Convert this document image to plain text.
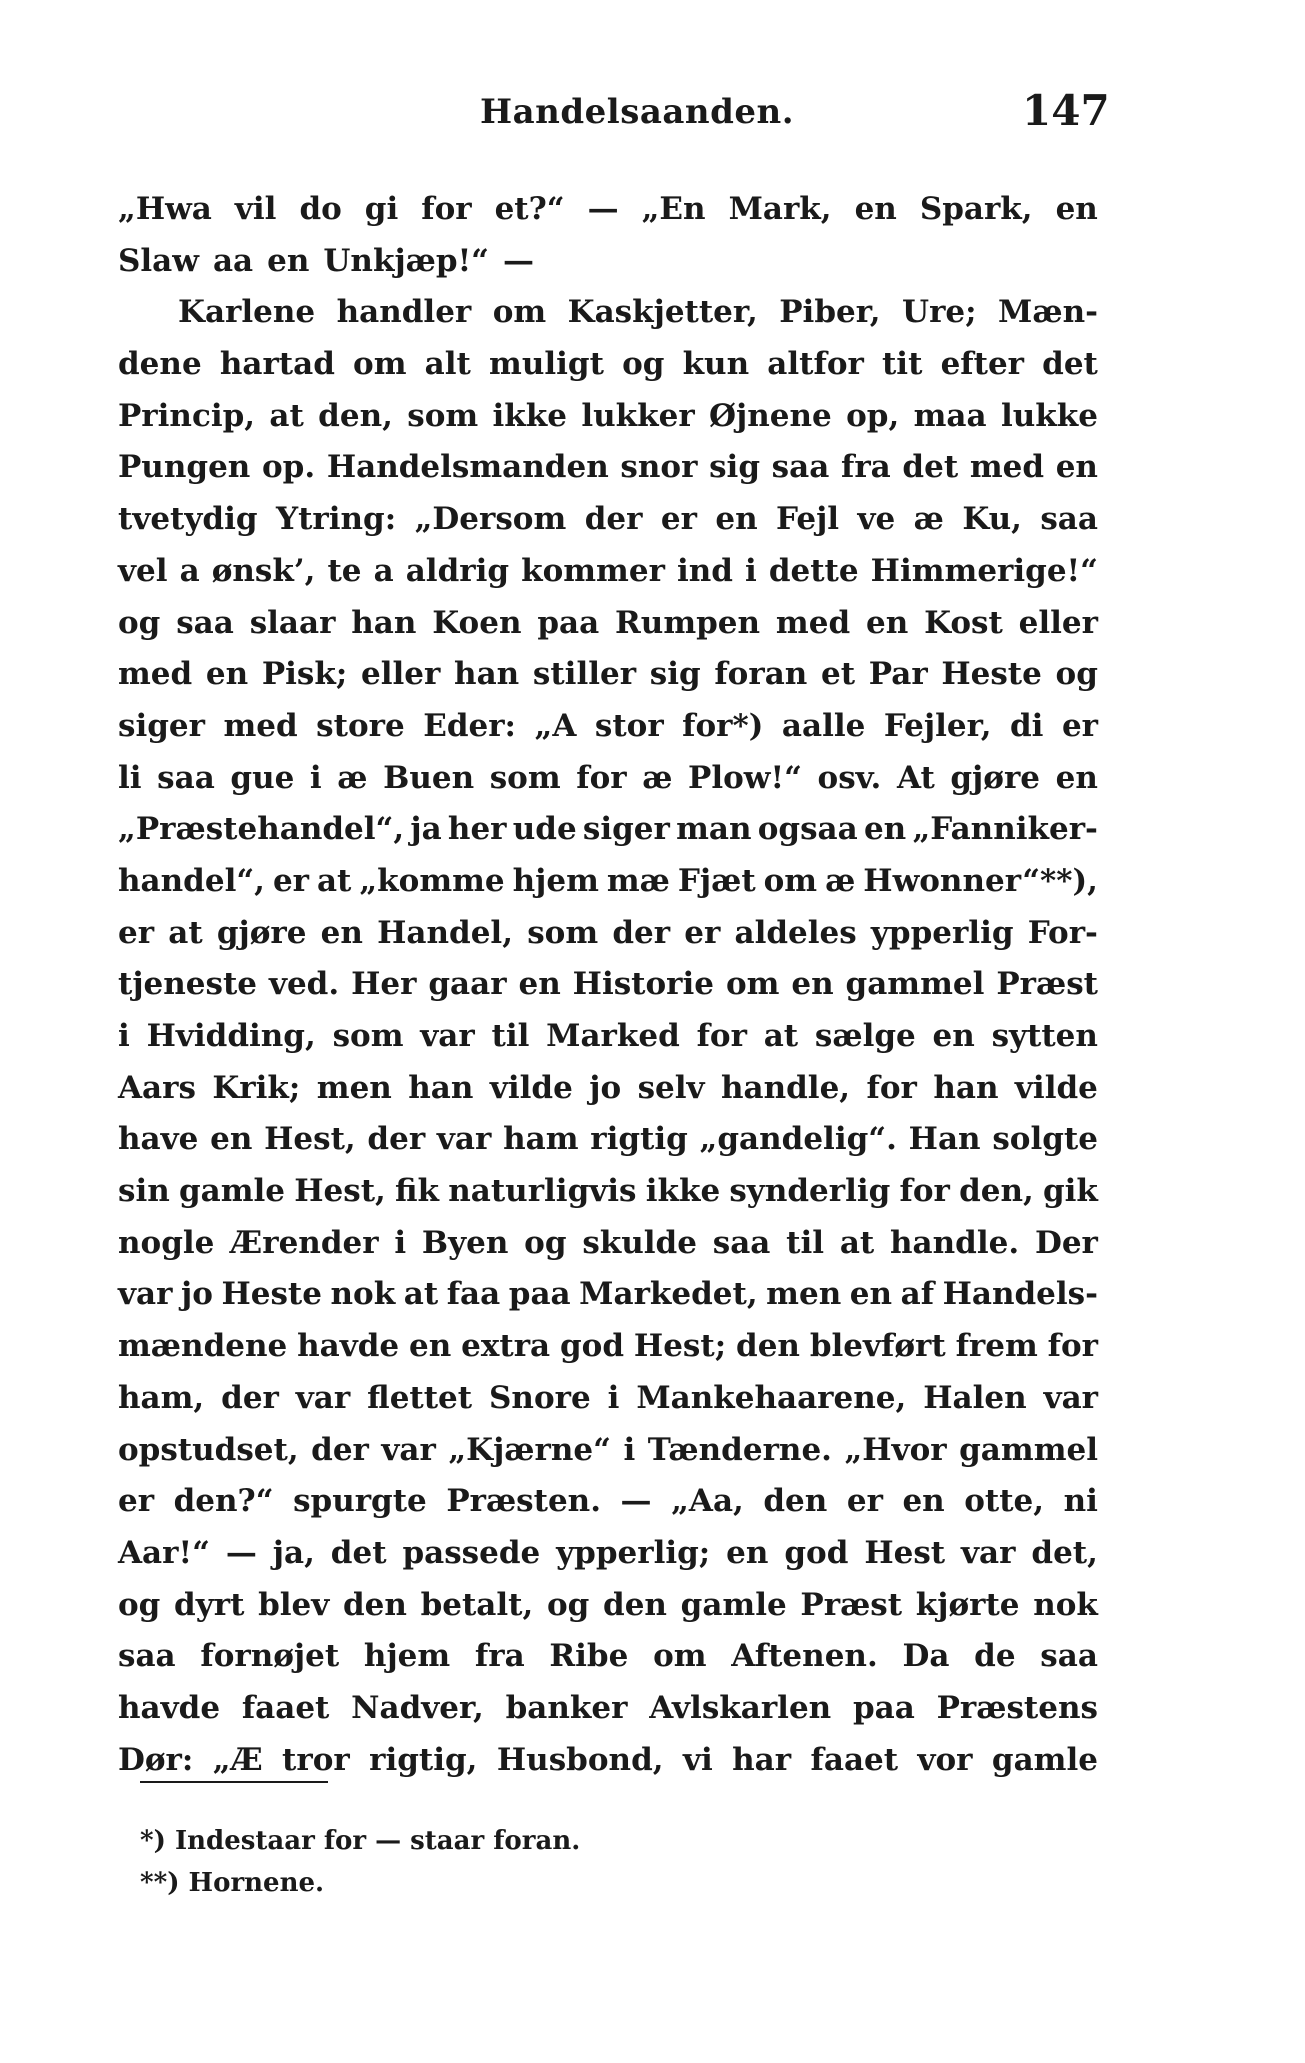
Handelsaanden.	147
„Hwa vil do gi for et?“ — „En Mark, en Spark, en
Slaw aa en Unkjæp!“ —
Karlene handler om Kaskjetter, Piber, Ure; Mæn-
dene hartad om alt muligt og kun altfor tit efter det
Princip, at den, som ikke lukker Øjnene op, maa lukke
Pungen op. Handelsmanden snor sig saa fra det med en
tvetydig Ytring: „Dersom der er en Fejl ve æ Ku, saa
vel a ønsk’, te a aldrig kommer ind i dette Himmerige!“
og saa slaar han Koen paa Rumpen med en Kost eller
med en Pisk; eller han stiller sig foran et Par Heste og
siger med store Eder: „A stor for*) aalle Fejler, di er
li saa gue i æ Buen som for æ Plow!“ osv. At gjøre en
„Præstehandel“, ja her ude siger man ogsaa en „Fanniker-
handel“, er at „komme hjem mæ Fjæt om æ Hwonner“**),
er at gjøre en Handel, som der er aldeles ypperlig For-
tjeneste ved. Her gaar en Historie om en gammel Præst
i Hvidding, som var til Marked for at sælge en sytten
Aars Krik; men han vilde jo selv handle, for han vilde
have en Hest, der var ham rigtig „gandelig“. Han solgte
sin gamle Hest, fik naturligvis ikke synderlig for den, gik
nogle Ærender i Byen og skulde saa til at handle. Der
var jo Heste nok at faa paa Markedet, men en af Handels-
mændene havde en extra god Hest; den blevført frem for
ham, der var flettet Snore i Mankehaarene, Halen var
opstudset, der var „Kjærne“ i Tænderne. „Hvor gammel
er den?“ spurgte Præsten. — „Aa, den er en otte, ni
Aar!“ — ja, det passede ypperlig; en god Hest var det,
og dyrt blev den betalt, og den gamle Præst kjørte nok
saa fornøjet hjem fra Ribe om Aftenen. Da de saa
havde faaet Nadver, banker Avlskarlen paa Præstens
Dør: „Æ tror rigtig, Husbond, vi har faaet vor gamle
*) Indestaar for — staar foran.
**) Hornene.
